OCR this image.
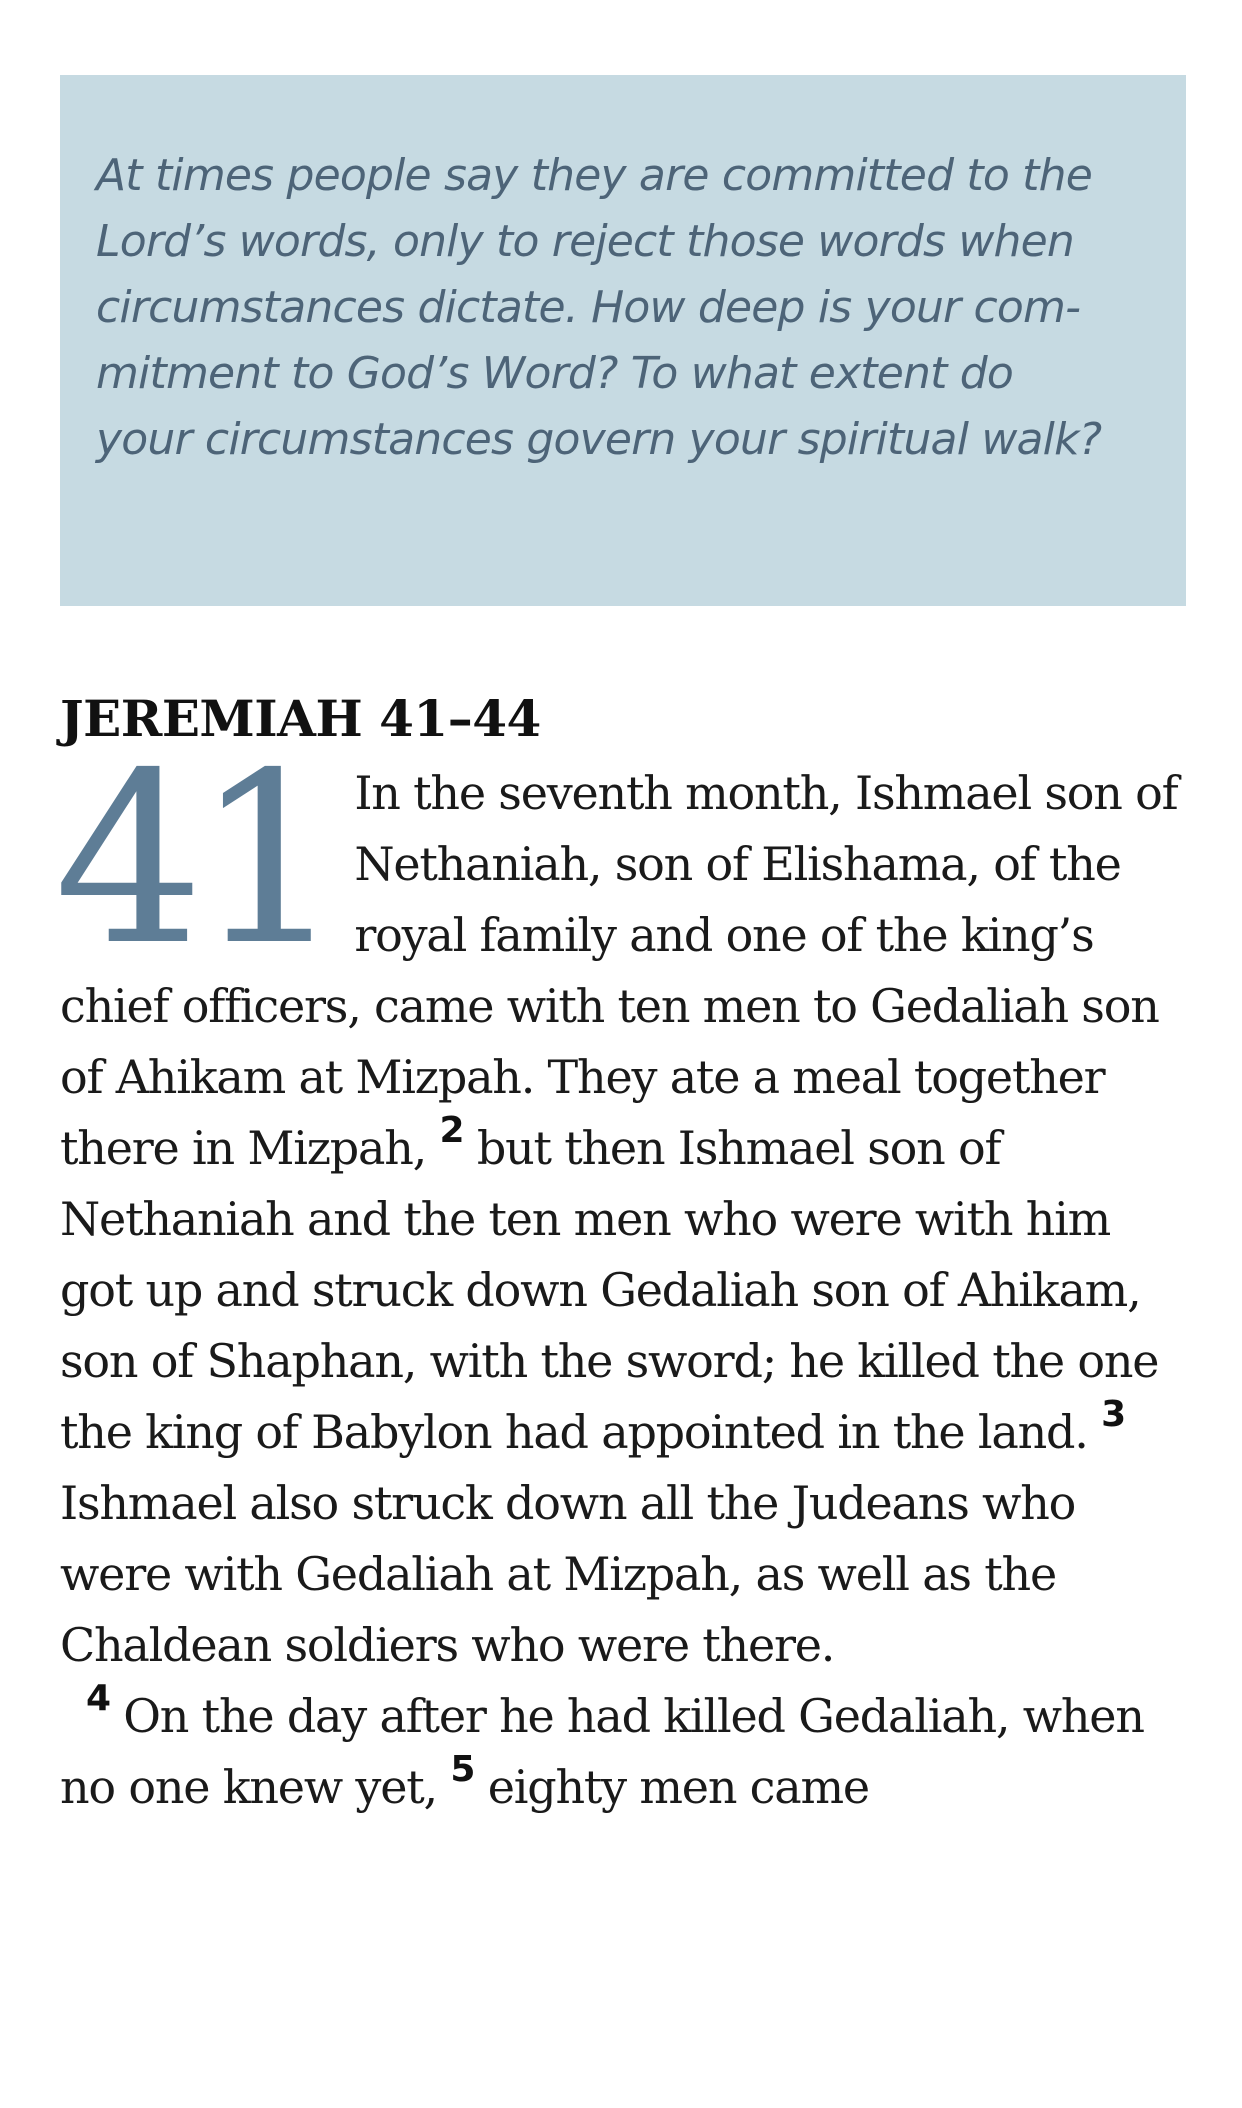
At times people say they are committed to the

Lord’s words, only to reject those words when

circumstances dictate. How deep is your com-

mitment to God’s Word? To what extent do

your circumstances govern your spiritual walk?

JEREMIAH 41–44
41 In the seventh month, Ishmael son of Nethaniah, son of Elishama, of the royal family and one of the king’s chief officers, came with ten men to Gedaliah son of Ahikam at Mizpah. They ate a meal together there in Mizpah, $^2$ but then Ishmael son of Nethaniah and the ten men who were with him got up and struck down Gedaliah son of Ahikam, son of Shaphan, with the sword; he killed the one the king of Babylon had appointed in the land. $^3$ Ishmael also struck down all the Judeans who were with Gedaliah at Mizpah, as well as the Chaldean soldiers who were there.
$^4$ On the day after he had killed Gedaliah, when no one knew yet, $^5$ eighty men came
